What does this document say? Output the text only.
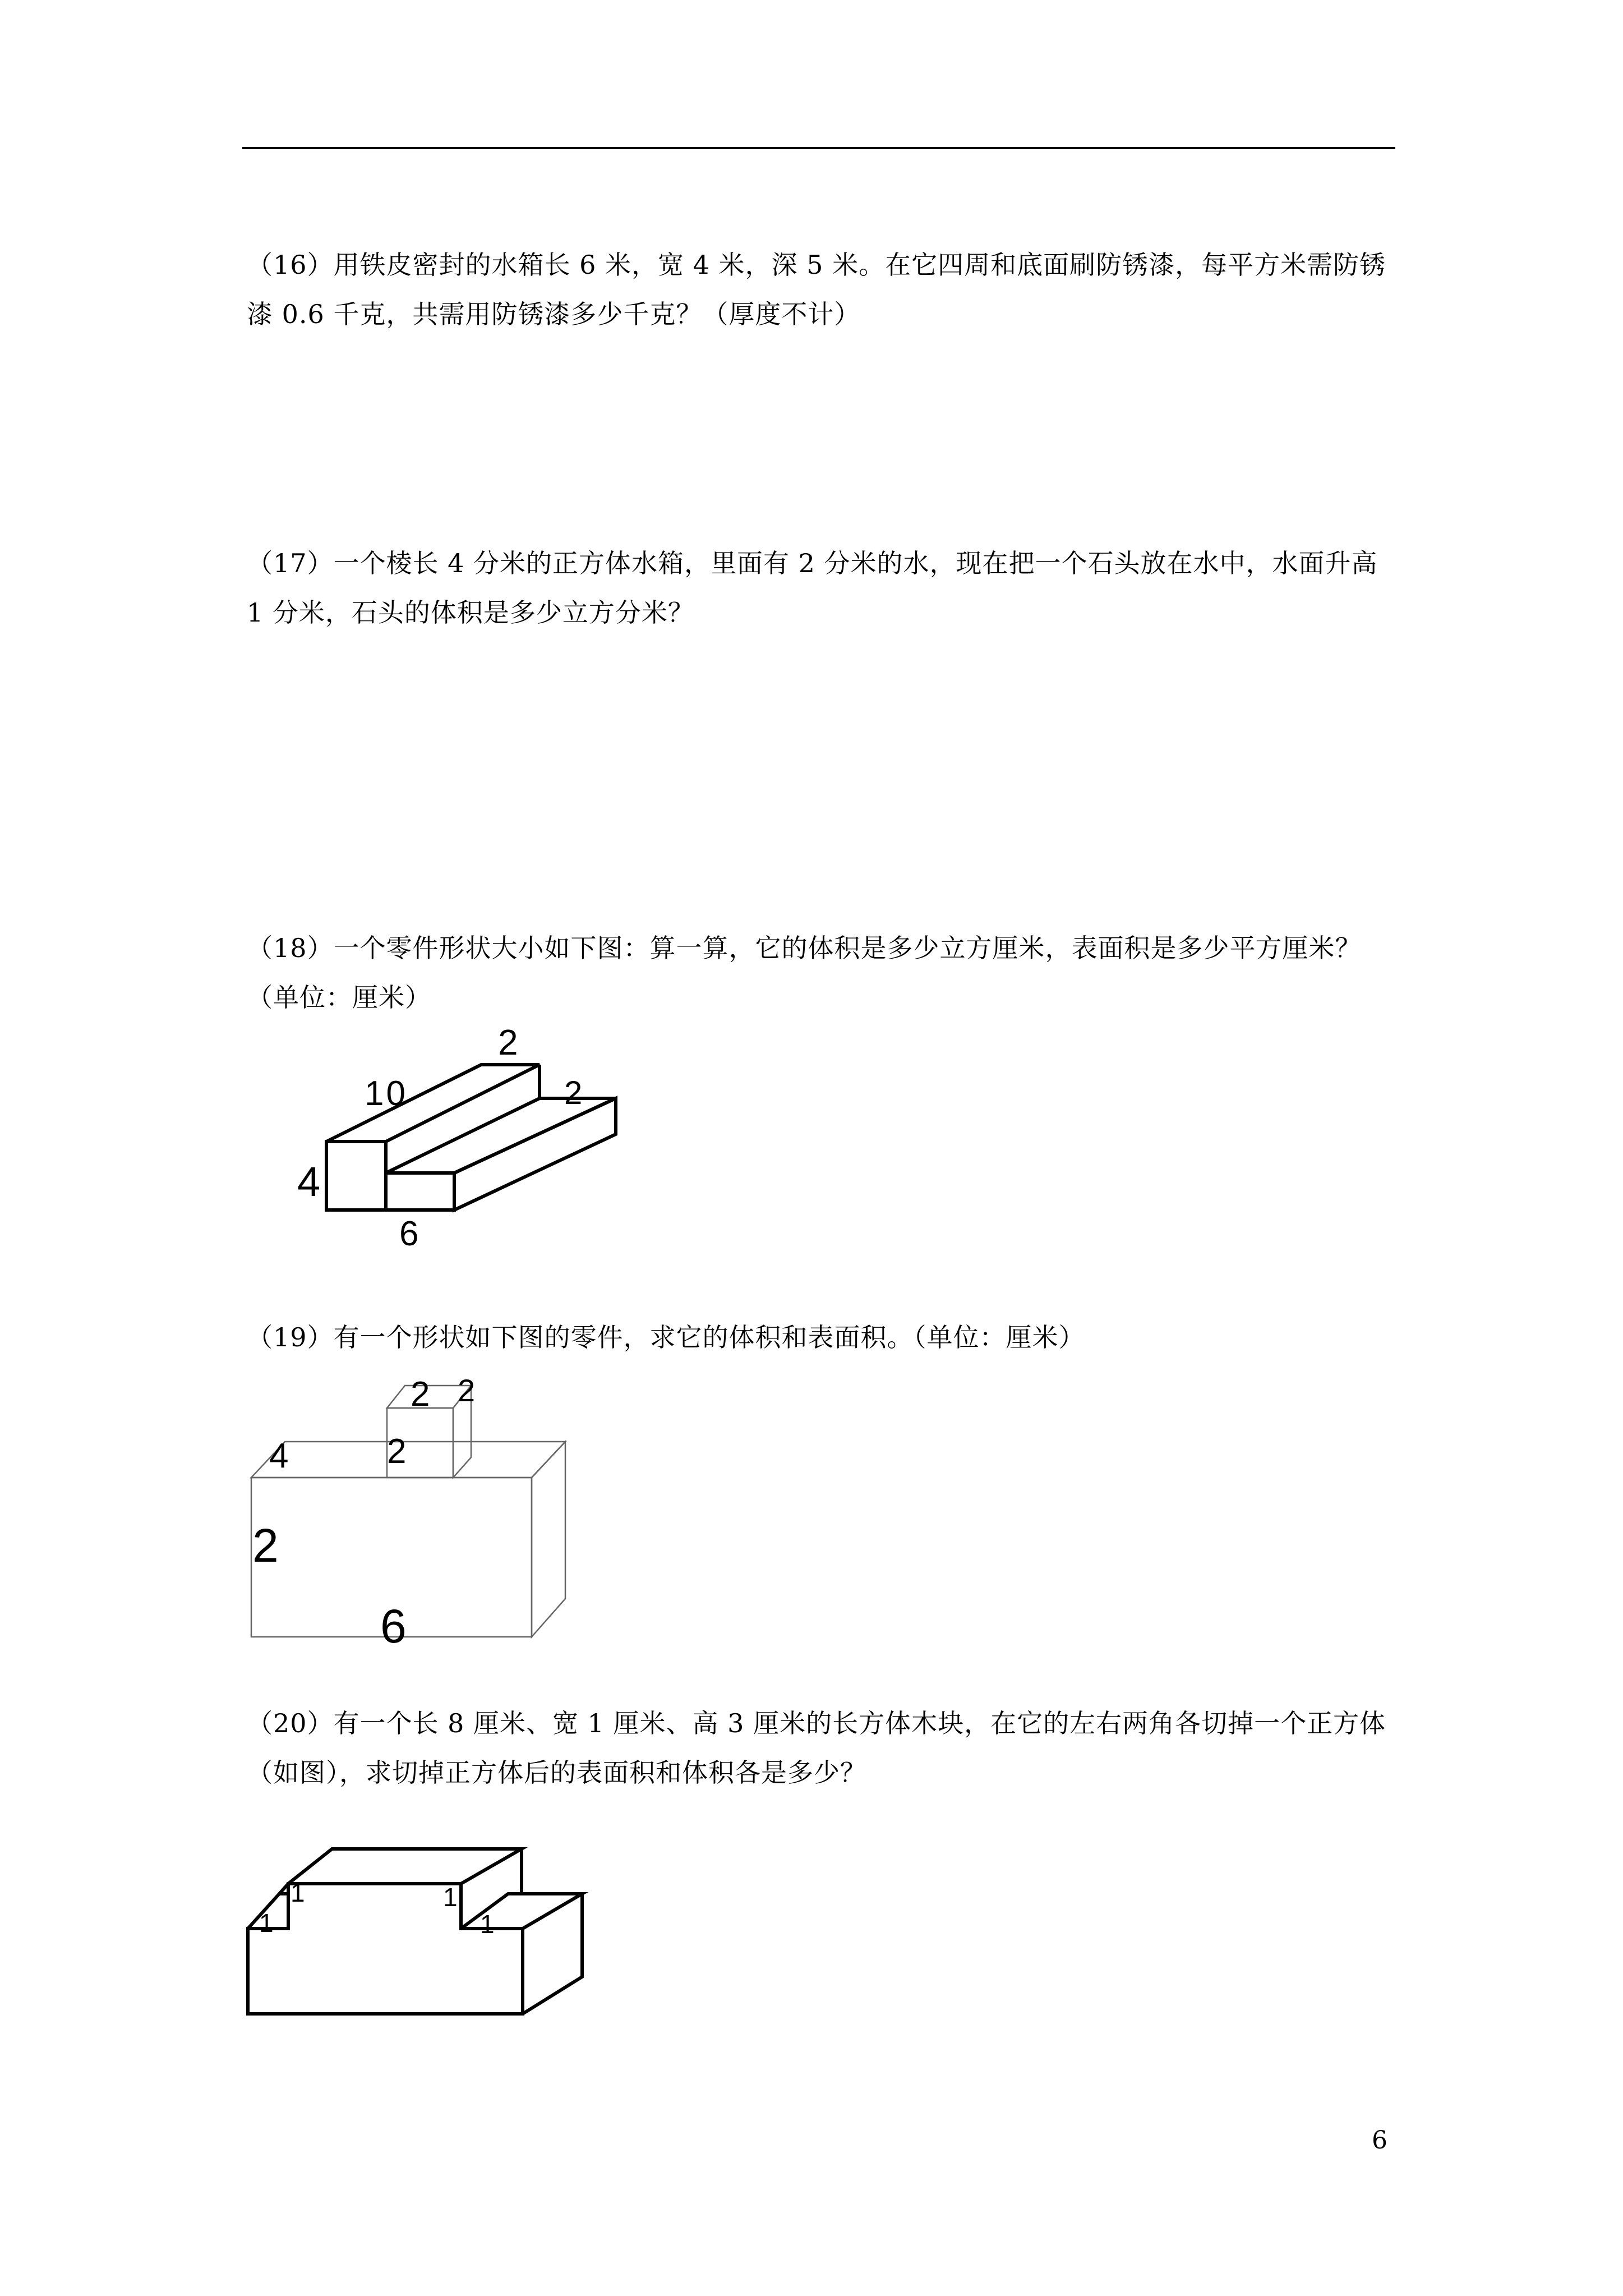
（16）用铁皮密封的水箱长 6 米，宽 4 米，深 5 米。在它四周和底面刷防锈漆，每平方米需防锈漆 0.6 千克，共需用防锈漆多少千克？（厚度不计）

（17）一个棱长 4 分米的正方体水箱，里面有 2 分米的水，现在把一个石头放在水中，水面升高 1 分米，石头的体积是多少立方分米？

（18）一个零件形状大小如下图：算一算，它的体积是多少立方厘米，表面积是多少平方厘米？（单位：厘米）

2
10	2
4
6

（19）有一个形状如下图的零件，求它的体积和表面积。（单位：厘米）

2 2
2
4
2
6

（20）有一个长 8 厘米、宽 1 厘米、高 3 厘米的长方体木块，在它的左右两角各切掉一个正方体（如图），求切掉正方体后的表面积和体积各是多少？

1
1
1
1
6
